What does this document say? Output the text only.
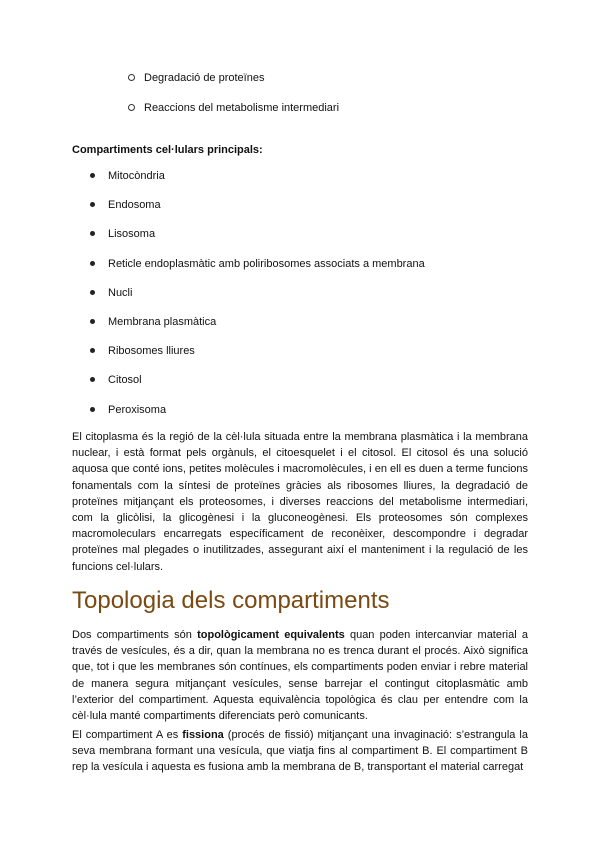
Degradació de proteïnes
Reaccions del metabolisme intermediari

Compartiments cel·lulars principals:

Mitocòndria
Endosoma
Lisosoma
Reticle endoplasmàtic amb poliribosomes associats a membrana
Nucli
Membrana plasmàtica
Ribosomes lliures
Citosol
Peroxisoma

El citoplasma és la regió de la cèl·lula situada entre la membrana plasmàtica i la membrana nuclear, i està format pels orgànuls, el citoesquelet i el citosol. El citosol és una solució aquosa que conté ions, petites molècules i macromolècules, i en ell es duen a terme funcions fonamentals com la síntesi de proteïnes gràcies als ribosomes lliures, la degradació de proteïnes mitjançant els proteosomes, i diverses reaccions del metabolisme intermediari, com la glicòlisi, la glicogènesi i la gluconeogènesi. Els proteosomes són complexes macromoleculars encarregats específicament de reconèixer, descompondre i degradar proteïnes mal plegades o inutilitzades, assegurant així el manteniment i la regulació de les funcions cel·lulars.

Topologia dels compartiments

Dos compartiments són topològicament equivalents quan poden intercanviar material a través de vesícules, és a dir, quan la membrana no es trenca durant el procés. Això significa que, tot i que les membranes són contínues, els compartiments poden enviar i rebre material de manera segura mitjançant vesícules, sense barrejar el contingut citoplasmàtic amb l’exterior del compartiment. Aquesta equivalència topològica és clau per entendre com la cèl·lula manté compartiments diferenciats però comunicants.

El compartiment A es fissiona (procés de fissió) mitjançant una invaginació: s’estrangula la seva membrana formant una vesícula, que viatja fins al compartiment B. El compartiment B rep la vesícula i aquesta es fusiona amb la membrana de B, transportant el material carregat
